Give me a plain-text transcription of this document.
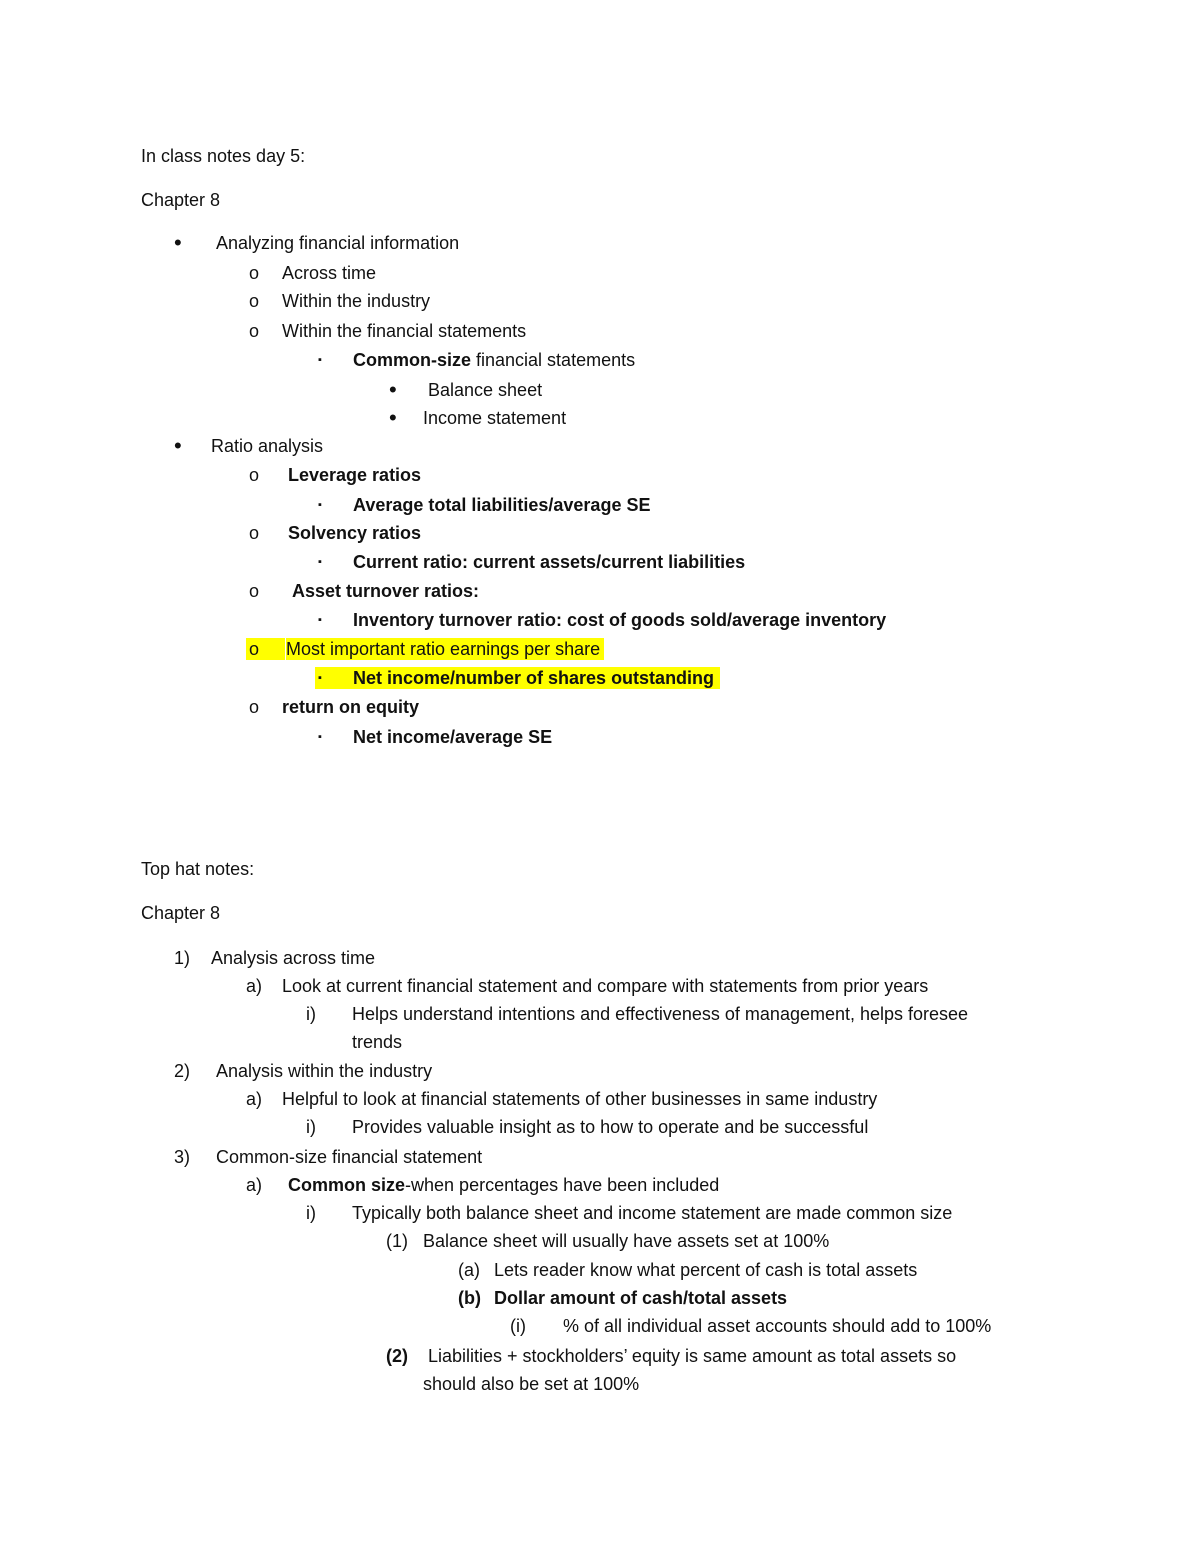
In class notes day 5:
Chapter 8
• Analyzing financial information
o Across time
o Within the industry
o Within the financial statements
▪ Common-size financial statements
• Balance sheet
• Income statement
• Ratio analysis
o Leverage ratios
▪ Average total liabilities/average SE
o Solvency ratios
▪ Current ratio: current assets/current liabilities
o Asset turnover ratios:
▪ Inventory turnover ratio: cost of goods sold/average inventory
o	Most important ratio earnings per share
▪	Net income/number of shares outstanding
o return on equity
▪ Net income/average SE
Top hat notes:
Chapter 8
1) Analysis across time
a) Look at current financial statement and compare with statements from prior years
i) Helps understand intentions and effectiveness of management, helps foresee
trends
2) Analysis within the industry
a) Helpful to look at financial statements of other businesses in same industry
i) Provides valuable insight as to how to operate and be successful
3) Common-size financial statement
a) Common size-when percentages have been included
i) Typically both balance sheet and income statement are made common size
(1) Balance sheet will usually have assets set at 100%
(a) Lets reader know what percent of cash is total assets
(b) Dollar amount of cash/total assets
(i) % of all individual asset accounts should add to 100%
(2) Liabilities + stockholders’ equity is same amount as total assets so
should also be set at 100%
